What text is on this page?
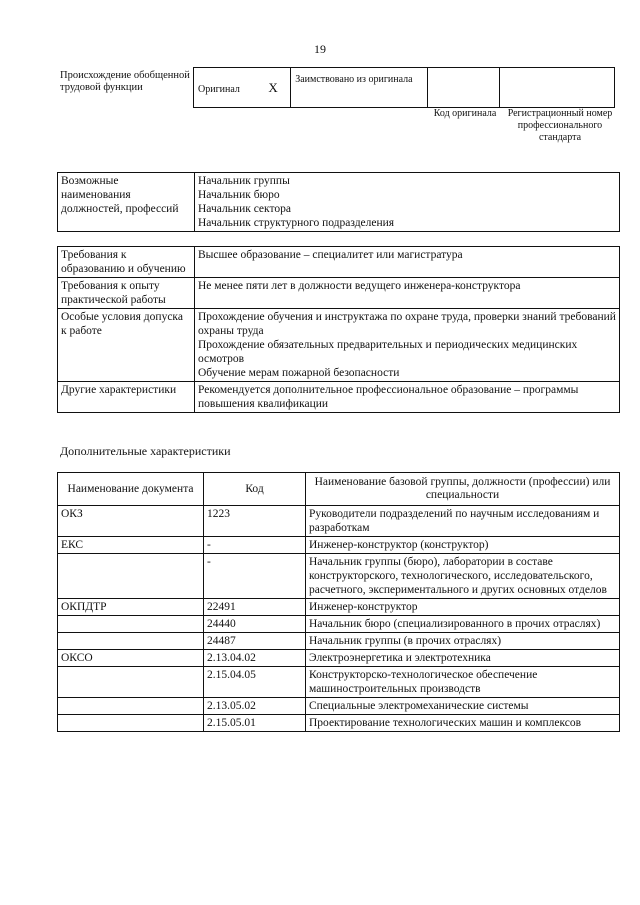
19
Происхождение обобщенной трудовой функции	Оригинал X	Заимствовано из оригинала		
Код оригинала	Регистрационный номер профессионального стандарта
Возможные наименования должностей, профессий	
Начальник группы
Начальник бюро
Начальник сектора
Начальник структурного подразделения
Требования к образованию и обучению	Высшее образование – специалитет или магистратура

Требования к опыту практической работы	Не менее пяти лет в должности ведущего инженера-конструктора

Особые условия допуска к работе	Прохождение обучения и инструктажа по охране труда, проверки знаний требований охраны труда
Прохождение обязательных предварительных и периодических медицинских осмотров
Обучение мерам пожарной безопасности

Другие характеристики	Рекомендуется дополнительное профессиональное образование – программы повышения квалификации
Дополнительные характеристики
Наименование документа	Код	Наименование базовой группы, должности (профессии) или специальности
ОКЗ	1223	Руководители подразделений по научным исследованиям и разработкам
ЕКС	-	Инженер-конструктор (конструктор)
	-	Начальник группы (бюро), лаборатории в составе конструкторского, технологического, исследовательского, расчетного, экспериментального и других основных отделов
ОКПДТР	22491	Инженер-конструктор
	24440	Начальник бюро (специализированного в прочих отраслях)
	24487	Начальник группы (в прочих отраслях)
ОКСО	2.13.04.02	Электроэнергетика и электротехника
	2.15.04.05	Конструкторско-технологическое обеспечение машиностроительных производств
	2.13.05.02	Специальные электромеханические системы
	2.15.05.01	Проектирование технологических машин и комплексов
